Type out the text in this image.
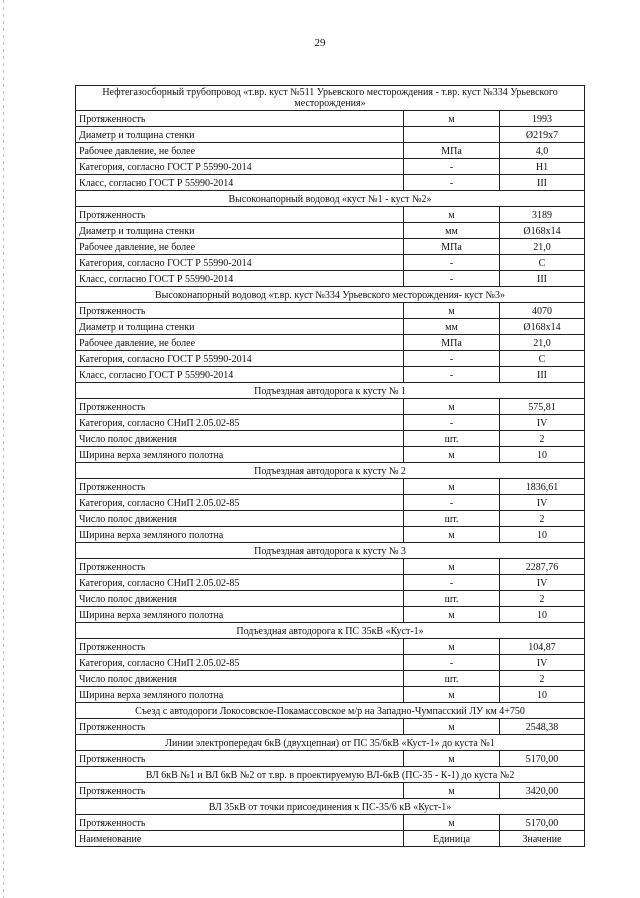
29
Нефтегазосборный трубопровод «т.вр. куст №511 Урьевского месторождения - т.вр. куст №334 Урьевского месторождения»		
Протяженность	м	1993
Диаметр и толщина стенки		Ø219х7
Рабочее давление, не более	МПа	4,0
Категория, согласно ГОСТ Р 55990-2014	-	Н1
Класс, согласно ГОСТ Р 55990-2014	-	III
Высоконапорный водовод «куст №1 - куст №2»		
Протяженность	м	3189
Диаметр и толщина стенки	мм	Ø168х14
Рабочее давление, не более	МПа	21,0
Категория, согласно ГОСТ Р 55990-2014	-	С
Класс, согласно ГОСТ Р 55990-2014	-	III
Высоконапорный водовод «т.вр. куст №334 Урьевского месторождения- куст №3»		
Протяженность	м	4070
Диаметр и толщина стенки	мм	Ø168х14
Рабочее давление, не более	МПа	21,0
Категория, согласно ГОСТ Р 55990-2014	-	С
Класс, согласно ГОСТ Р 55990-2014	-	III
Подъездная автодорога к кусту № 1		
Протяженность	м	575,81
Категория, согласно СНиП 2.05.02-85	-	IV
Число полос движения	шт.	2
Ширина верха земляного полотна	м	10
Подъездная автодорога к кусту № 2		
Протяженность	м	1836,61
Категория, согласно СНиП 2.05.02-85	-	IV
Число полос движения	шт.	2
Ширина верха земляного полотна	м	10
Подъездная автодорога к кусту № 3		
Протяженность	м	2287,76
Категория, согласно СНиП 2.05.02-85	-	IV
Число полос движения	шт.	2
Ширина верха земляного полотна	м	10
Подъездная автодорога к ПС 35кВ «Куст-1»		
Протяженность	м	104,87
Категория, согласно СНиП 2.05.02-85	-	IV
Число полос движения	шт.	2
Ширина верха земляного полотна	м	10
Съезд с автодороги Локосовское-Покамассовское м/р на Западно-Чумпасский ЛУ км 4+750		
Протяженность	м	2548,38
Линии электропередач 6кВ (двухцепная) от ПС 35/6кВ «Куст-1» до куста №1		
Протяженность	м	5170,00
ВЛ 6кВ №1 и ВЛ 6кВ №2 от т.вр. в проектируемую ВЛ-6кВ (ПС-35 - К-1) до куста №2		
Протяженность	м	3420,00
ВЛ 35кВ от точки присоединения к ПС-35/6 кВ «Куст-1»		
Протяженность	м	5170,00
Наименование	Единица	Значение
